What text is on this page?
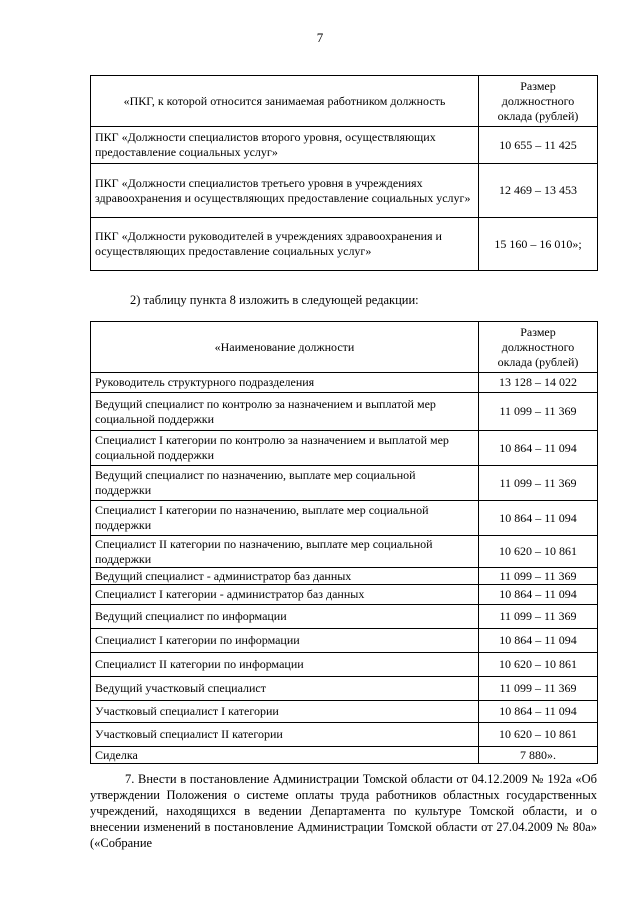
7
«ПКГ, к которой относится занимаемая работником должность	Размер должностного оклада (рублей)
ПКГ «Должности специалистов второго уровня, осуществляющих предоставление социальных услуг»	10 655 – 11 425
ПКГ «Должности специалистов третьего уровня в учреждениях здравоохранения и осуществляющих предоставление социальных услуг»	12 469 – 13 453
ПКГ «Должности руководителей в учреждениях здравоохранения и осуществляющих предоставление социальных услуг»	15 160 – 16 010»;
2) таблицу пункта 8 изложить в следующей редакции:
«Наименование должности	Размер должностного оклада (рублей)
Руководитель структурного подразделения	13 128 – 14 022
Ведущий специалист по контролю за назначением и выплатой мер социальной поддержки	11 099 – 11 369
Специалист I категории по контролю за назначением и выплатой мер социальной поддержки	10 864 – 11 094
Ведущий специалист по назначению, выплате мер социальной поддержки	11 099 – 11 369
Специалист I категории по назначению, выплате мер социальной поддержки	10 864 – 11 094
Специалист II категории по назначению, выплате мер социальной поддержки	10 620 – 10 861
Ведущий специалист - администратор баз данных	11 099 – 11 369
Специалист I категории - администратор баз данных	10 864 – 11 094
Ведущий специалист по информации	11 099 – 11 369
Специалист I категории по информации	10 864 – 11 094
Специалист II категории по информации	10 620 – 10 861
Ведущий участковый специалист	11 099 – 11 369
Участковый специалист I категории	10 864 – 11 094
Участковый специалист II категории	10 620 – 10 861
Сиделка	7 880».
7. Внести в постановление Администрации Томской области от 04.12.2009 № 192а «Об утверждении Положения о системе оплаты труда работников областных государственных учреждений, находящихся в ведении Департамента по культуре Томской области, и о внесении изменений в постановление Администрации Томской области от 27.04.2009 № 80а» («Собрание
